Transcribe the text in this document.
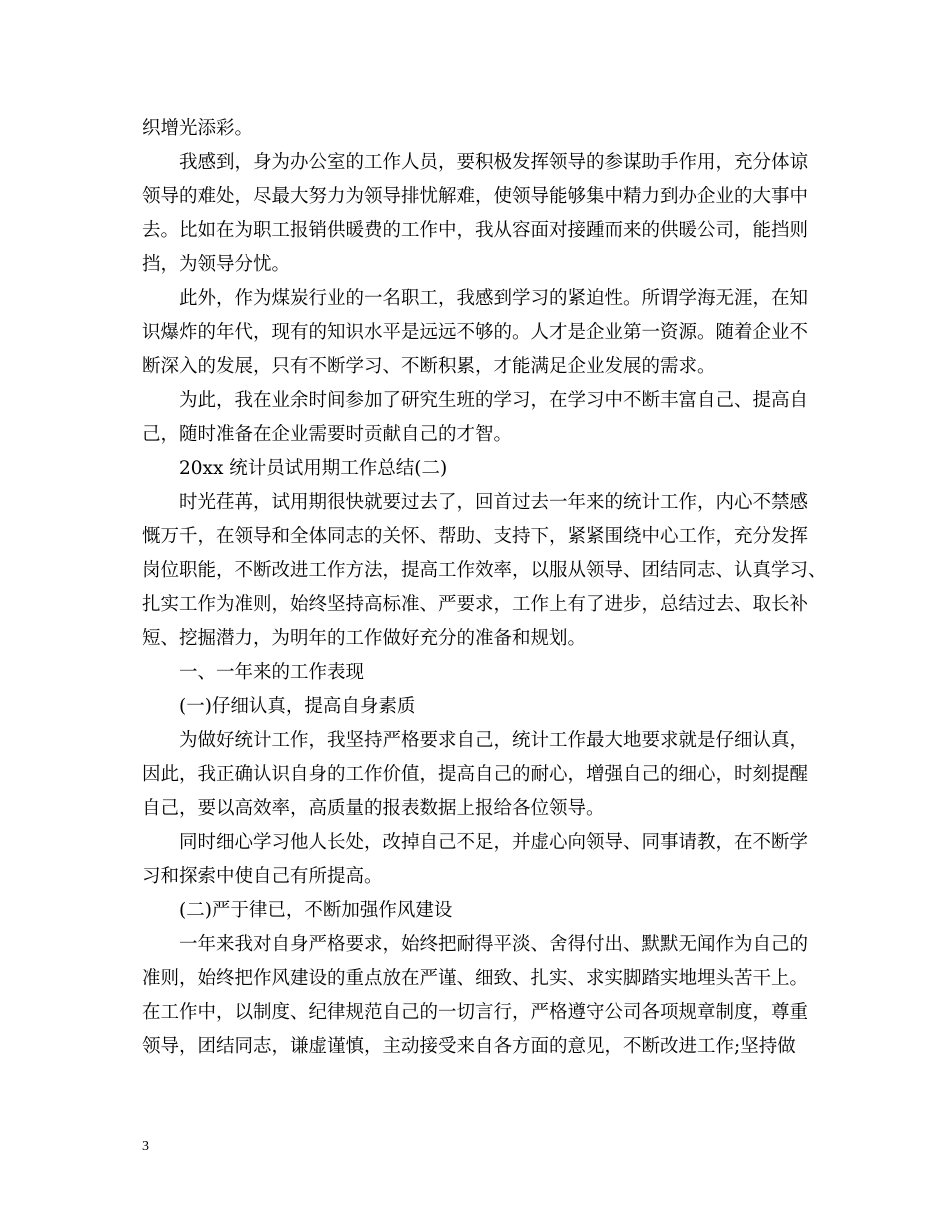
织增光添彩。
我感到，身为办公室的工作人员，要积极发挥领导的参谋助手作用，充分体谅
领导的难处，尽最大努力为领导排忧解难，使领导能够集中精力到办企业的大事中
去。比如在为职工报销供暖费的工作中，我从容面对接踵而来的供暖公司，能挡则
挡，为领导分忧。
此外，作为煤炭行业的一名职工，我感到学习的紧迫性。所谓学海无涯，在知
识爆炸的年代，现有的知识水平是远远不够的。人才是企业第一资源。随着企业不
断深入的发展，只有不断学习、不断积累，才能满足企业发展的需求。
为此，我在业余时间参加了研究生班的学习，在学习中不断丰富自己、提高自
己，随时准备在企业需要时贡献自己的才智。
20xx 统计员试用期工作总结(二)
时光荏苒，试用期很快就要过去了，回首过去一年来的统计工作，内心不禁感
慨万千，在领导和全体同志的关怀、帮助、支持下，紧紧围绕中心工作，充分发挥
岗位职能，不断改进工作方法，提高工作效率，以服从领导、团结同志、认真学习、
扎实工作为准则，始终坚持高标准、严要求，工作上有了进步，总结过去、取长补
短、挖掘潜力，为明年的工作做好充分的准备和规划。
一、一年来的工作表现
(一)仔细认真，提高自身素质
为做好统计工作，我坚持严格要求自己，统计工作最大地要求就是仔细认真，
因此，我正确认识自身的工作价值，提高自己的耐心，增强自己的细心，时刻提醒
自己，要以高效率，高质量的报表数据上报给各位领导。
同时细心学习他人长处，改掉自己不足，并虚心向领导、同事请教，在不断学
习和探索中使自己有所提高。
(二)严于律已，不断加强作风建设
一年来我对自身严格要求，始终把耐得平淡、舍得付出、默默无闻作为自己的
准则，始终把作风建设的重点放在严谨、细致、扎实、求实脚踏实地埋头苦干上。
在工作中，以制度、纪律规范自己的一切言行，严格遵守公司各项规章制度，尊重
领导，团结同志，谦虚谨慎，主动接受来自各方面的意见，不断改进工作;坚持做
3
